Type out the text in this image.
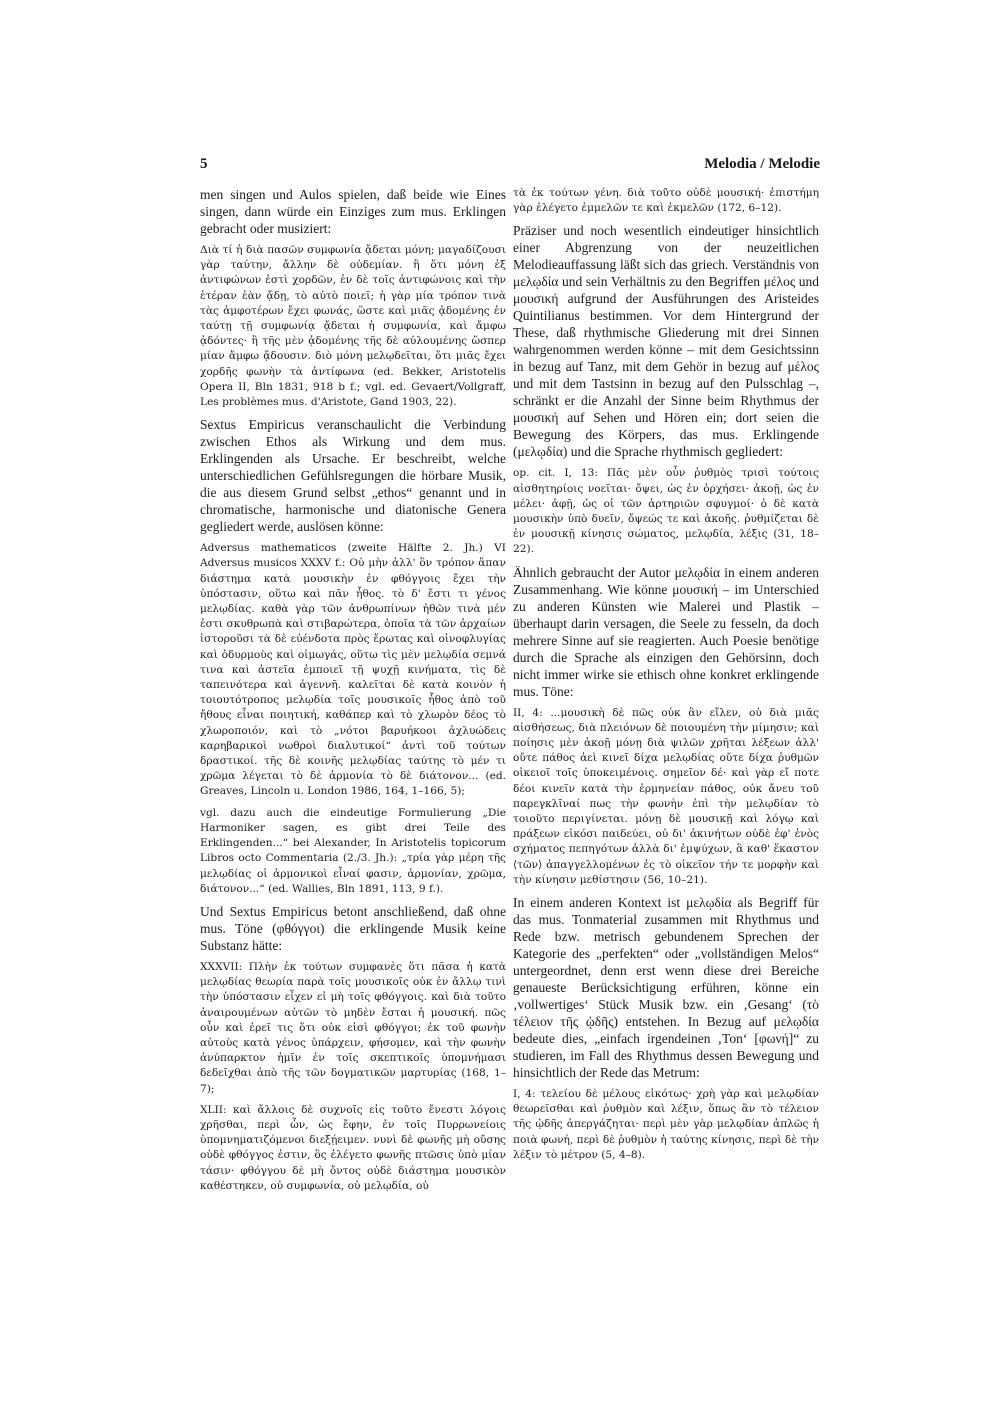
5	Melodia / Melodie

men singen und Aulos spielen, daß beide wie Eines singen, dann würde ein Einziges zum mus. Erklingen gebracht oder musiziert:

Διὰ τί ἡ διὰ πασῶν συμφωνία ᾄδεται μόνη; μαγαδίζουσι γὰρ ταύτην, ἄλλην δὲ οὐδεμίαν. ἢ ὅτι μόνη ἐξ ἀντιφώνων ἐστὶ χορδῶν, ἐν δὲ τοῖς ἀντιφώνοις καὶ τὴν ἑτέραν ἐὰν ᾄδῃ, τὸ αὐτὸ ποιεῖ; ἡ γὰρ μία τρόπον τινὰ τὰς ἀμφοτέρων ἔχει φωνάς, ὥστε καὶ μιᾶς ᾀδομένης ἐν ταύτῃ τῇ συμφωνίᾳ ᾄδεται ἡ συμφωνία, καὶ ἄμφω ᾀδόντες· ἢ τῆς μὲν ᾀδομένης τῆς δὲ αὐλουμένης ὥσπερ μίαν ἄμφω ᾄδουσιν. διὸ μόνη μελῳδεῖται, ὅτι μιᾶς ἔχει χορδῆς φωνὴν τὰ ἀντίφωνα (ed. Bekker, Aristotelis Opera II, Bln 1831, 918 b f.; vgl. ed. Gevaert/Vollgraff, Les problèmes mus. d'Aristote, Gand 1903, 22).

Sextus Empiricus veranschaulicht die Verbindung zwischen Ethos als Wirkung und dem mus. Erklingenden als Ursache. Er beschreibt, welche unterschiedlichen Gefühlsregungen die hörbare Musik, die aus diesem Grund selbst „ethos“ genannt und in chromatische, harmonische und diatonische Genera gegliedert werde, auslösen könne:

Adversus mathematicos (zweite Hälfte 2. Jh.) VI Adversus musicos XXXV f.: Οὐ μὴν ἀλλ' ὃν τρόπον ἅπαν διάστημα κατὰ μουσικὴν ἐν φθόγγοις ἔχει τὴν ὑπόστασιν, οὕτω καὶ πᾶν ἦθος. τὸ δ' ἔστι τι γένος μελῳδίας. καθὰ γὰρ τῶν ἀνθρωπίνων ἠθῶν τινὰ μέν ἐστι σκυθρωπὰ καὶ στιβαρώτερα, ὁποῖα τὰ τῶν ἀρχαίων ἱστοροῦσι τὰ δὲ εὐένδοτα πρὸς ἔρωτας καὶ οἰνοφλυγίας καὶ ὀδυρμοὺς καὶ οἰμωγάς, οὕτω τὶς μὲν μελῳδία σεμνά τινα καὶ ἀστεῖα ἐμποιεῖ τῇ ψυχῇ κινήματα, τὶς δὲ ταπεινότερα καὶ ἀγεννῆ. καλεῖται δὲ κατὰ κοινὸν ἡ τοιουτότροπος μελῳδία τοῖς μουσικοῖς ἦθος ἀπὸ τοῦ ἤθους εἶναι ποιητική, καθάπερ καὶ τὸ χλωρὸν δέος τὸ χλωροποιόν, καὶ τὸ „νότοι βαρυήκοοι ἀχλυώδεις καρηβαρικοὶ νωθροὶ διαλυτικοί“ ἀντὶ τοῦ τούτων δραστικοί. τῆς δὲ κοινῆς μελῳδίας ταύτης τὸ μέν τι χρῶμα λέγεται τὸ δὲ ἁρμονία τὸ δὲ διάτονον... (ed. Greaves, Lincoln u. London 1986, 164, 1–166, 5);

vgl. dazu auch die eindeutige Formulierung „Die Harmoniker sagen, es gibt drei Teile des Erklingenden...“ bei Alexander, In Aristotelis topicorum Libros octo Commentaria (2./3. Jh.): „τρία γὰρ μέρη τῆς μελῳδίας οἱ ἁρμονικοὶ εἶναί φασιν, ἁρμονίαν, χρῶμα, διάτονον...“ (ed. Wallies, Bln 1891, 113, 9 f.).

Und Sextus Empiricus betont anschließend, daß ohne mus. Töne (φθόγγοι) die erklingende Musik keine Substanz hätte:

XXXVII: Πλὴν ἐκ τούτων συμφανὲς ὅτι πᾶσα ἡ κατὰ μελῳδίας θεωρία παρὰ τοῖς μουσικοῖς οὐκ ἐν ἄλλῳ τινὶ τὴν ὑπόστασιν εἶχεν εἰ μὴ τοῖς φθόγγοις. καὶ διὰ τοῦτο ἀναιρουμένων αὐτῶν τὸ μηδὲν ἔσται ἡ μουσική. πῶς οὖν καὶ ἐρεῖ τις ὅτι οὐκ εἰσὶ φθόγγοι; ἐκ τοῦ φωνὴν αὐτοὺς κατὰ γένος ὑπάρχειν, φήσομεν, καὶ τὴν φωνὴν ἀνύπαρκτον ἡμῖν ἐν τοῖς σκεπτικοῖς ὑπομνήμασι δεδεῖχθαι ἀπὸ τῆς τῶν δογματικῶν μαρτυρίας (168, 1–7);

XLII: καὶ ἄλλοις δὲ συχνοῖς εἰς τοῦτο ἔνεστι λόγοις χρῆσθαι, περὶ ὧν, ὡς ἔφην, ἐν τοῖς Πυρρωνείοις ὑπομνηματιζόμενοι διεξῄειμεν. νυνὶ δὲ φωνῆς μὴ οὔσης οὐδὲ φθόγγος ἐστιν, ὃς ἐλέγετο φωνῆς πτῶσις ὑπὸ μίαν τάσιν· φθόγγου δὲ μὴ ὄντος οὐδὲ διάστημα μουσικὸν καθέστηκεν, οὐ συμφωνία, οὐ μελῳδία, οὐ

τὰ ἐκ τούτων γένη. διὰ τοῦτο οὐδὲ μουσική· ἐπιστήμη γὰρ ἐλέγετο ἐμμελῶν τε καὶ ἐκμελῶν (172, 6–12).

Präziser und noch wesentlich eindeutiger hinsichtlich einer Abgrenzung von der neuzeitlichen Melodieauffassung läßt sich das griech. Verständnis von μελῳδία und sein Verhältnis zu den Begriffen μέλος und μουσική aufgrund der Ausführungen des Aristeides Quintilianus bestimmen. Vor dem Hintergrund der These, daß rhythmische Gliederung mit drei Sinnen wahrgenommen werden könne – mit dem Gesichtssinn in bezug auf Tanz, mit dem Gehör in bezug auf μέλος und mit dem Tastsinn in bezug auf den Pulsschlag –, schränkt er die Anzahl der Sinne beim Rhythmus der μουσική auf Sehen und Hören ein; dort seien die Bewegung des Körpers, das mus. Erklingende (μελῳδία) und die Sprache rhythmisch gegliedert:

op. cit. I, 13: Πᾶς μὲν οὖν ῥυθμὸς τρισὶ τούτοις αἰσθητηρίοις νοεῖται· ὄψει, ὡς ἐν ὀρχήσει· ἀκοῇ, ὡς ἐν μέλει· ἁφῇ, ὡς οἱ τῶν ἀρτηριῶν σφυγμοί· ὁ δὲ κατὰ μουσικὴν ὑπὸ δυεῖν, ὄψεώς τε καὶ ἀκοῆς. ῥυθμίζεται δὲ ἐν μουσικῇ κίνησις σώματος, μελῳδία, λέξις (31, 18–22).

Ähnlich gebraucht der Autor μελῳδία in einem anderen Zusammenhang. Wie könne μουσική – im Unterschied zu anderen Künsten wie Malerei und Plastik – überhaupt darin versagen, die Seele zu fesseln, da doch mehrere Sinne auf sie reagierten. Auch Poesie benötige durch die Sprache als einzigen den Gehörsinn, doch nicht immer wirke sie ethisch ohne konkret erklingende mus. Töne:

II, 4: ...μουσικὴ δὲ πῶς οὐκ ἂν εἴλεν, οὐ διὰ μιᾶς αἰσθήσεως, διὰ πλειόνων δὲ ποιουμένη τὴν μίμησιν; καὶ ποίησις μὲν ἀκοῇ μόνῃ διὰ ψιλῶν χρῆται λέξεων ἀλλ' οὔτε πάθος ἀεὶ κινεῖ δίχα μελῳδίας οὔτε δίχα ῥυθμῶν οἰκειοῖ τοῖς ὑποκειμένοις. σημεῖον δέ· καὶ γὰρ εἴ ποτε δέοι κινεῖν κατὰ τὴν ἑρμηνείαν πάθος, οὐκ ἄνευ τοῦ παρεγκλῖναί πως τὴν φωνὴν ἐπὶ τὴν μελῳδίαν τὸ τοιοῦτο περιγίνεται. μόνῃ δὲ μουσικῇ καὶ λόγῳ καὶ πράξεων εἰκόσι παιδεύει, οὐ δι' ἀκινήτων οὐδὲ ἐφ' ἑνὸς σχήματος πεπηγότων ἀλλὰ δι' ἐμψύχων, ἃ καθ' ἕκαστον ⟨τῶν⟩ ἀπαγγελλομένων ἐς τὸ οἰκεῖον τήν τε μορφὴν καὶ τὴν κίνησιν μεθίστησιν (56, 10–21).

In einem anderen Kontext ist μελῳδία als Begriff für das mus. Tonmaterial zusammen mit Rhythmus und Rede bzw. metrisch gebundenem Sprechen der Kategorie des „perfekten“ oder „vollständigen Melos“ untergeordnet, denn erst wenn diese drei Bereiche genaueste Berücksichtigung erführen, könne ein ‚vollwertiges‘ Stück Musik bzw. ein ‚Gesang‘ (τὸ τέλειον τῆς ᾠδῆς) entstehen. In Bezug auf μελῳδία bedeute dies, „einfach irgendeinen ‚Ton‘ [φωνή]“ zu studieren, im Fall des Rhythmus dessen Bewegung und hinsichtlich der Rede das Metrum:

I, 4: τελείου δὲ μέλους εἰκότως· χρὴ γὰρ καὶ μελῳδίαν θεωρεῖσθαι καὶ ῥυθμὸν καὶ λέξιν, ὅπως ἂν τὸ τέλειον τῆς ᾠδῆς ἀπεργάζηται· περὶ μὲν γὰρ μελῳδίαν ἁπλῶς ἡ ποιὰ φωνή, περὶ δὲ ῥυθμὸν ἡ ταύτης κίνησις, περὶ δὲ τὴν λέξιν τὸ μέτρον (5, 4–8).
